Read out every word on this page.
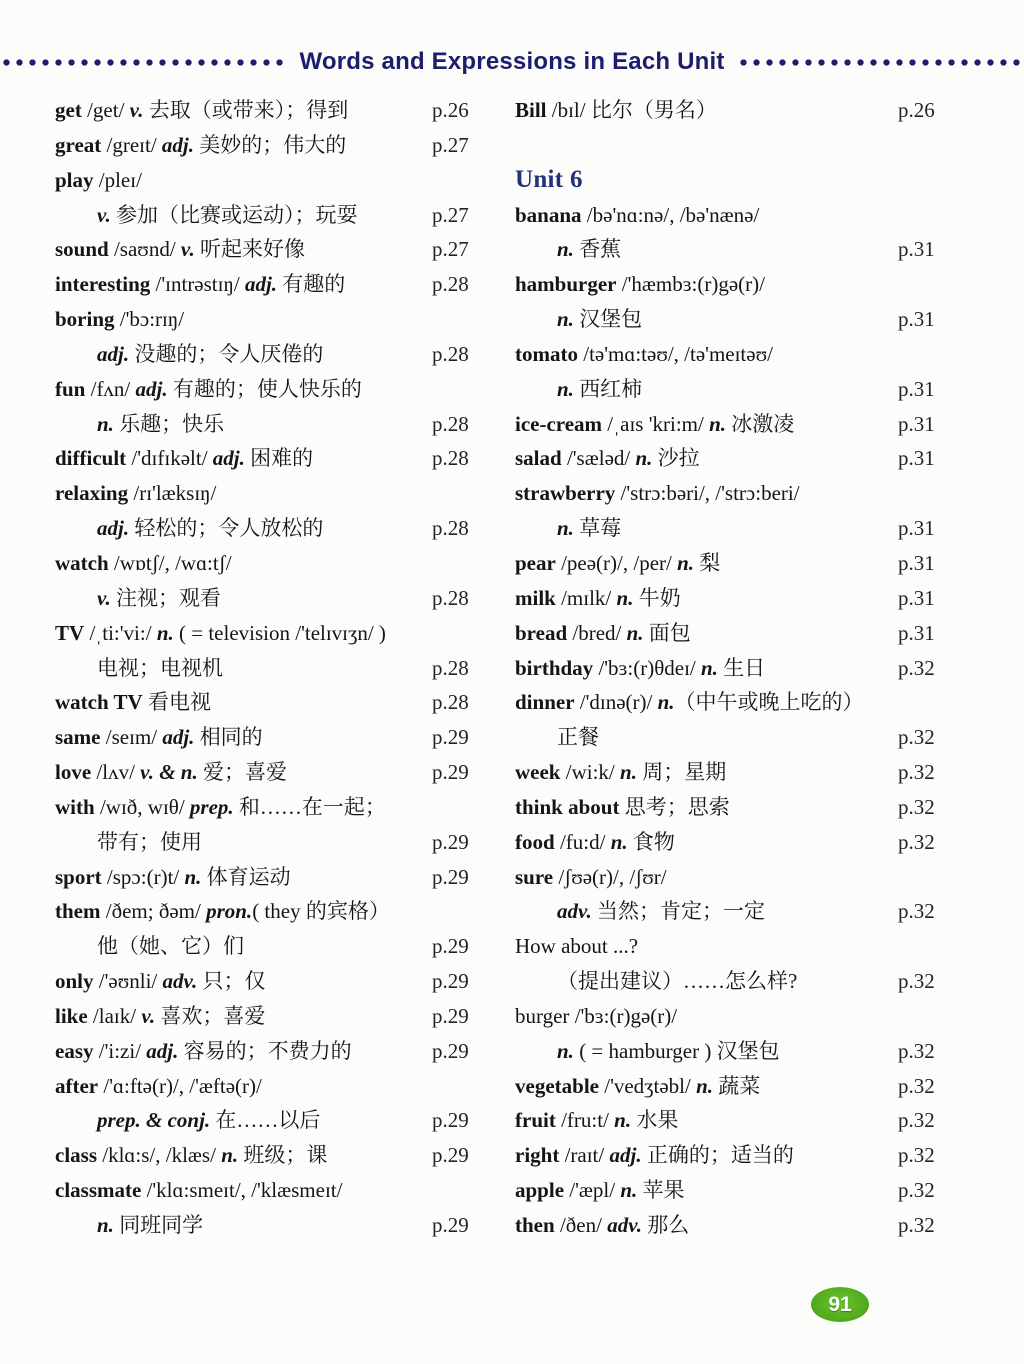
Words and Expressions in Each Unit
get /get/ v. 去取（或带来）；得到	p.26
great /greɪt/ adj. 美妙的；伟大的	p.27
play /pleɪ/
v. 参加（比赛或运动）；玩耍	p.27
sound /saʊnd/ v. 听起来好像	p.27
interesting /'ɪntrəstɪŋ/ adj. 有趣的	p.28
boring /'bɔ:rɪŋ/
adj. 没趣的；令人厌倦的	p.28
fun /fʌn/ adj. 有趣的；使人快乐的
n. 乐趣；快乐	p.28
difficult /'dɪfɪkəlt/ adj. 困难的	p.28
relaxing /rɪ'læksɪŋ/
adj. 轻松的；令人放松的	p.28
watch /wɒtʃ/, /wɑ:tʃ/
v. 注视；观看	p.28
TV /ˌti:'vi:/ n. ( = television /'telɪvɪʒn/ )
电视；电视机	p.28
watch TV 看电视	p.28
same /seɪm/ adj. 相同的	p.29
love /lʌv/ v. & n. 爱；喜爱	p.29
with /wɪð, wɪθ/ prep. 和……在一起；
带有；使用	p.29
sport /spɔ:(r)t/ n. 体育运动	p.29
them /ðem; ðəm/ pron.( they 的宾格）
他（她、它）们	p.29
only /'əʊnli/ adv. 只；仅	p.29
like /laɪk/ v. 喜欢；喜爱	p.29
easy /'i:zi/ adj. 容易的；不费力的	p.29
after /'ɑ:ftə(r)/, /'æftə(r)/
prep. & conj. 在……以后	p.29
class /klɑ:s/, /klæs/ n. 班级；课	p.29
classmate /'klɑ:smeɪt/, /'klæsmeɪt/
n. 同班同学	p.29
Bill /bɪl/ 比尔（男名）	p.26
Unit 6
banana /bə'nɑ:nə/, /bə'nænə/
n. 香蕉	p.31
hamburger /'hæmbɜ:(r)gə(r)/
n. 汉堡包	p.31
tomato /tə'mɑ:təʊ/, /tə'meɪtəʊ/
n. 西红柿	p.31
ice-cream /ˌaɪs 'kri:m/ n. 冰激凌	p.31
salad /'sæləd/ n. 沙拉	p.31
strawberry /'strɔ:bəri/, /'strɔ:beri/
n. 草莓	p.31
pear /peə(r)/, /per/ n. 梨	p.31
milk /mɪlk/ n. 牛奶	p.31
bread /bred/ n. 面包	p.31
birthday /'bɜ:(r)θdeɪ/ n. 生日	p.32
dinner /'dɪnə(r)/ n.（中午或晚上吃的）
正餐	p.32
week /wi:k/ n. 周；星期	p.32
think about 思考；思索	p.32
food /fu:d/ n. 食物	p.32
sure /ʃʊə(r)/, /ʃʊr/
adv. 当然；肯定；一定	p.32
How about ...?
（提出建议）……怎么样?	p.32
burger /'bɜ:(r)gə(r)/
n. ( = hamburger ) 汉堡包	p.32
vegetable /'vedʒtəbl/ n. 蔬菜	p.32
fruit /fru:t/ n. 水果	p.32
right /raɪt/ adj. 正确的；适当的	p.32
apple /'æpl/ n. 苹果	p.32
then /ðen/ adv. 那么	p.32
91
